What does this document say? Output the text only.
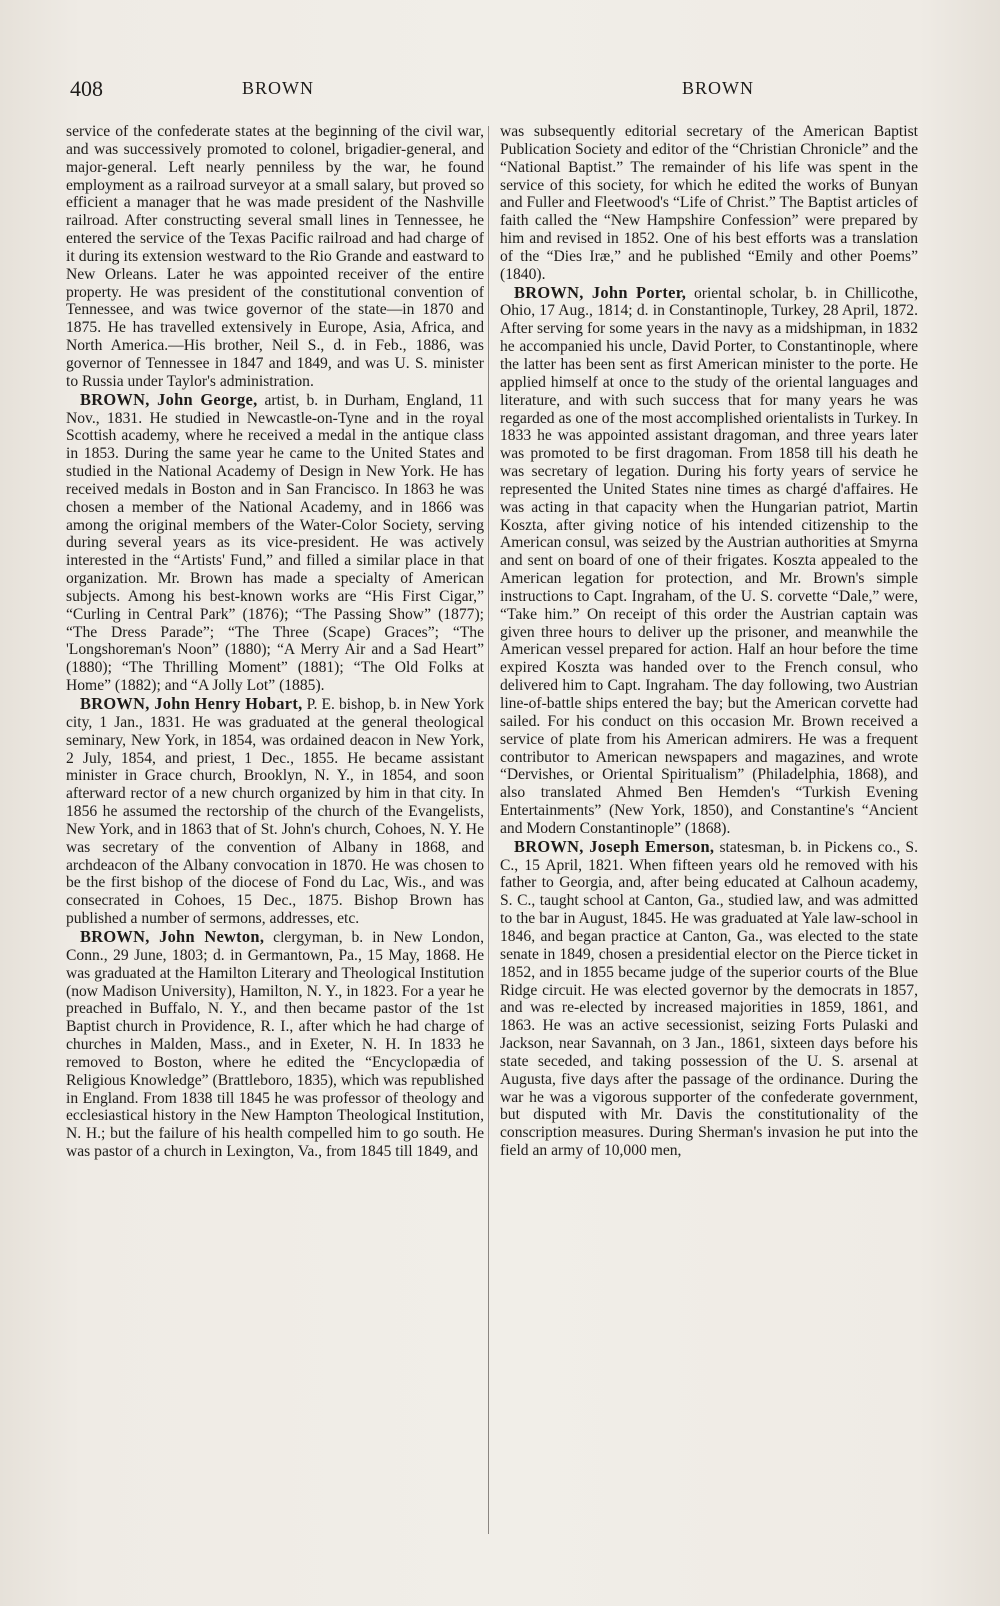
408	BROWN	BROWN

service of the confederate states at the beginning of the civil war, and was successively promoted to colonel, brigadier-general, and major-general. Left nearly penniless by the war, he found employment as a railroad surveyor at a small salary, but proved so efficient a manager that he was made president of the Nashville railroad. After constructing several small lines in Tennessee, he entered the service of the Texas Pacific railroad and had charge of it during its extension westward to the Rio Grande and eastward to New Orleans. Later he was appointed receiver of the entire property. He was president of the constitutional convention of Tennessee, and was twice governor of the state—in 1870 and 1875. He has travelled extensively in Europe, Asia, Africa, and North America.—His brother, Neil S., d. in Feb., 1886, was governor of Tennessee in 1847 and 1849, and was U. S. minister to Russia under Taylor's administration.

BROWN, John George, artist, b. in Durham, England, 11 Nov., 1831. He studied in Newcastle-on-Tyne and in the royal Scottish academy, where he received a medal in the antique class in 1853. During the same year he came to the United States and studied in the National Academy of Design in New York. He has received medals in Boston and in San Francisco. In 1863 he was chosen a member of the National Academy, and in 1866 was among the original members of the Water-Color Society, serving during several years as its vice-president. He was actively interested in the “Artists' Fund,” and filled a similar place in that organization. Mr. Brown has made a specialty of American subjects. Among his best-known works are “His First Cigar,” “Curling in Central Park” (1876); “The Passing Show” (1877); “The Dress Parade”; “The Three (Scape) Graces”; “The 'Longshoreman's Noon” (1880); “A Merry Air and a Sad Heart” (1880); “The Thrilling Moment” (1881); “The Old Folks at Home” (1882); and “A Jolly Lot” (1885).

BROWN, John Henry Hobart, P. E. bishop, b. in New York city, 1 Jan., 1831. He was graduated at the general theological seminary, New York, in 1854, was ordained deacon in New York, 2 July, 1854, and priest, 1 Dec., 1855. He became assistant minister in Grace church, Brooklyn, N. Y., in 1854, and soon afterward rector of a new church organized by him in that city. In 1856 he assumed the rectorship of the church of the Evangelists, New York, and in 1863 that of St. John's church, Cohoes, N. Y. He was secretary of the convention of Albany in 1868, and archdeacon of the Albany convocation in 1870. He was chosen to be the first bishop of the diocese of Fond du Lac, Wis., and was consecrated in Cohoes, 15 Dec., 1875. Bishop Brown has published a number of sermons, addresses, etc.

BROWN, John Newton, clergyman, b. in New London, Conn., 29 June, 1803; d. in Germantown, Pa., 15 May, 1868. He was graduated at the Hamilton Literary and Theological Institution (now Madison University), Hamilton, N. Y., in 1823. For a year he preached in Buffalo, N. Y., and then became pastor of the 1st Baptist church in Providence, R. I., after which he had charge of churches in Malden, Mass., and in Exeter, N. H. In 1833 he removed to Boston, where he edited the “Encyclopædia of Religious Knowledge” (Brattleboro, 1835), which was republished in England. From 1838 till 1845 he was professor of theology and ecclesiastical history in the New Hampton Theological Institution, N. H.; but the failure of his health compelled him to go south. He was pastor of a church in Lexington, Va., from 1845 till 1849, and

was subsequently editorial secretary of the American Baptist Publication Society and editor of the “Christian Chronicle” and the “National Baptist.” The remainder of his life was spent in the service of this society, for which he edited the works of Bunyan and Fuller and Fleetwood's “Life of Christ.” The Baptist articles of faith called the “New Hampshire Confession” were prepared by him and revised in 1852. One of his best efforts was a translation of the “Dies Iræ,” and he published “Emily and other Poems” (1840).

BROWN, John Porter, oriental scholar, b. in Chillicothe, Ohio, 17 Aug., 1814; d. in Constantinople, Turkey, 28 April, 1872. After serving for some years in the navy as a midshipman, in 1832 he accompanied his uncle, David Porter, to Constantinople, where the latter has been sent as first American minister to the porte. He applied himself at once to the study of the oriental languages and literature, and with such success that for many years he was regarded as one of the most accomplished orientalists in Turkey. In 1833 he was appointed assistant dragoman, and three years later was promoted to be first dragoman. From 1858 till his death he was secretary of legation. During his forty years of service he represented the United States nine times as chargé d'affaires. He was acting in that capacity when the Hungarian patriot, Martin Koszta, after giving notice of his intended citizenship to the American consul, was seized by the Austrian authorities at Smyrna and sent on board of one of their frigates. Koszta appealed to the American legation for protection, and Mr. Brown's simple instructions to Capt. Ingraham, of the U. S. corvette “Dale,” were, “Take him.” On receipt of this order the Austrian captain was given three hours to deliver up the prisoner, and meanwhile the American vessel prepared for action. Half an hour before the time expired Koszta was handed over to the French consul, who delivered him to Capt. Ingraham. The day following, two Austrian line-of-battle ships entered the bay; but the American corvette had sailed. For his conduct on this occasion Mr. Brown received a service of plate from his American admirers. He was a frequent contributor to American newspapers and magazines, and wrote “Dervishes, or Oriental Spiritualism” (Philadelphia, 1868), and also translated Ahmed Ben Hemden's “Turkish Evening Entertainments” (New York, 1850), and Constantine's “Ancient and Modern Constantinople” (1868).

BROWN, Joseph Emerson, statesman, b. in Pickens co., S. C., 15 April, 1821. When fifteen years old he removed with his father to Georgia, and, after being educated at Calhoun academy, S. C., taught school at Canton, Ga., studied law, and was admitted to the bar in August, 1845. He was graduated at Yale law-school in 1846, and began practice at Canton, Ga., was elected to the state senate in 1849, chosen a presidential elector on the Pierce ticket in 1852, and in 1855 became judge of the superior courts of the Blue Ridge circuit. He was elected governor by the democrats in 1857, and was re-elected by increased majorities in 1859, 1861, and 1863. He was an active secessionist, seizing Forts Pulaski and Jackson, near Savannah, on 3 Jan., 1861, sixteen days before his state seceded, and taking possession of the U. S. arsenal at Augusta, five days after the passage of the ordinance. During the war he was a vigorous supporter of the confederate government, but disputed with Mr. Davis the constitutionality of the conscription measures. During Sherman's invasion he put into the field an army of 10,000 men,
